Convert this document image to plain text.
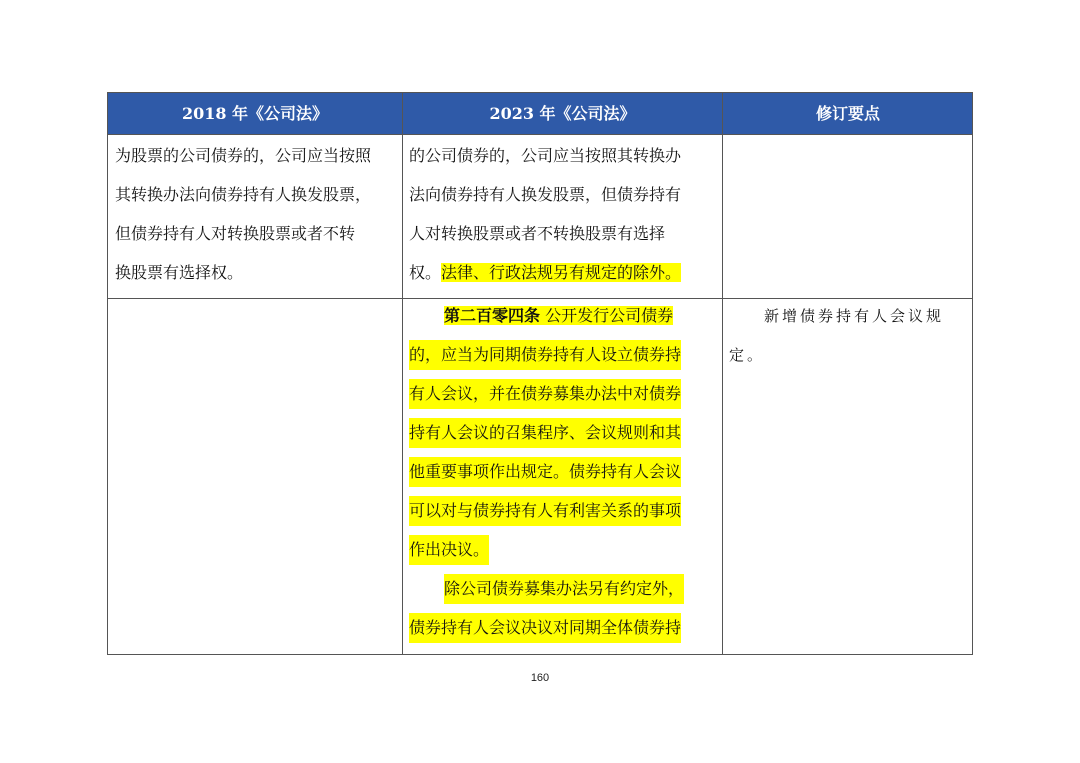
2018 年《公司法》	2023 年《公司法》	修订要点
为股票的公司债券的，公司应当按照
其转换办法向债券持有人换发股票，
但债券持有人对转换股票或者不转
换股票有选择权。
的公司债券的，公司应当按照其转换办
法向债券持有人换发股票，但债券持有
人对转换股票或者不转换股票有选择
权。法律、行政法规另有规定的除外。
第二百零四条 公开发行公司债券
的，应当为同期债券持有人设立债券持
有人会议，并在债券募集办法中对债券
持有人会议的召集程序、会议规则和其
他重要事项作出规定。债券持有人会议
可以对与债券持有人有利害关系的事项
作出决议。
除公司债券募集办法另有约定外，
债券持有人会议决议对同期全体债券持
新增债券持有人会议规
定。
160
